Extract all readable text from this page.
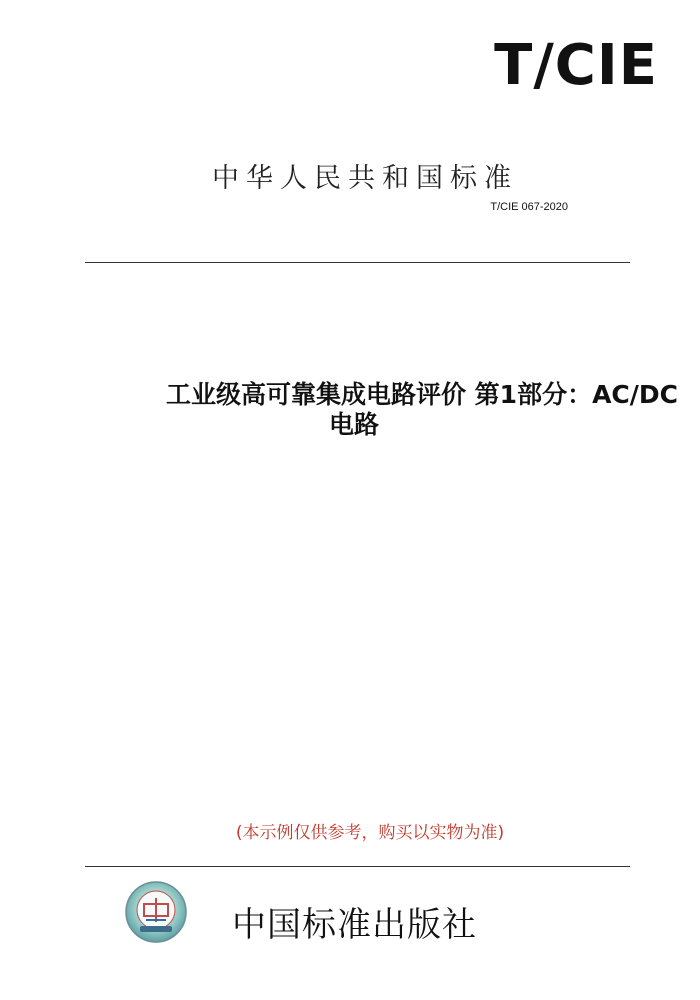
T/CIE
中华人民共和国标准
T/CIE 067-2020
工业级高可靠集成电路评价 第1部分：AC/DC
电路
(本示例仅供参考，购买以实物为准)
中国标准出版社
